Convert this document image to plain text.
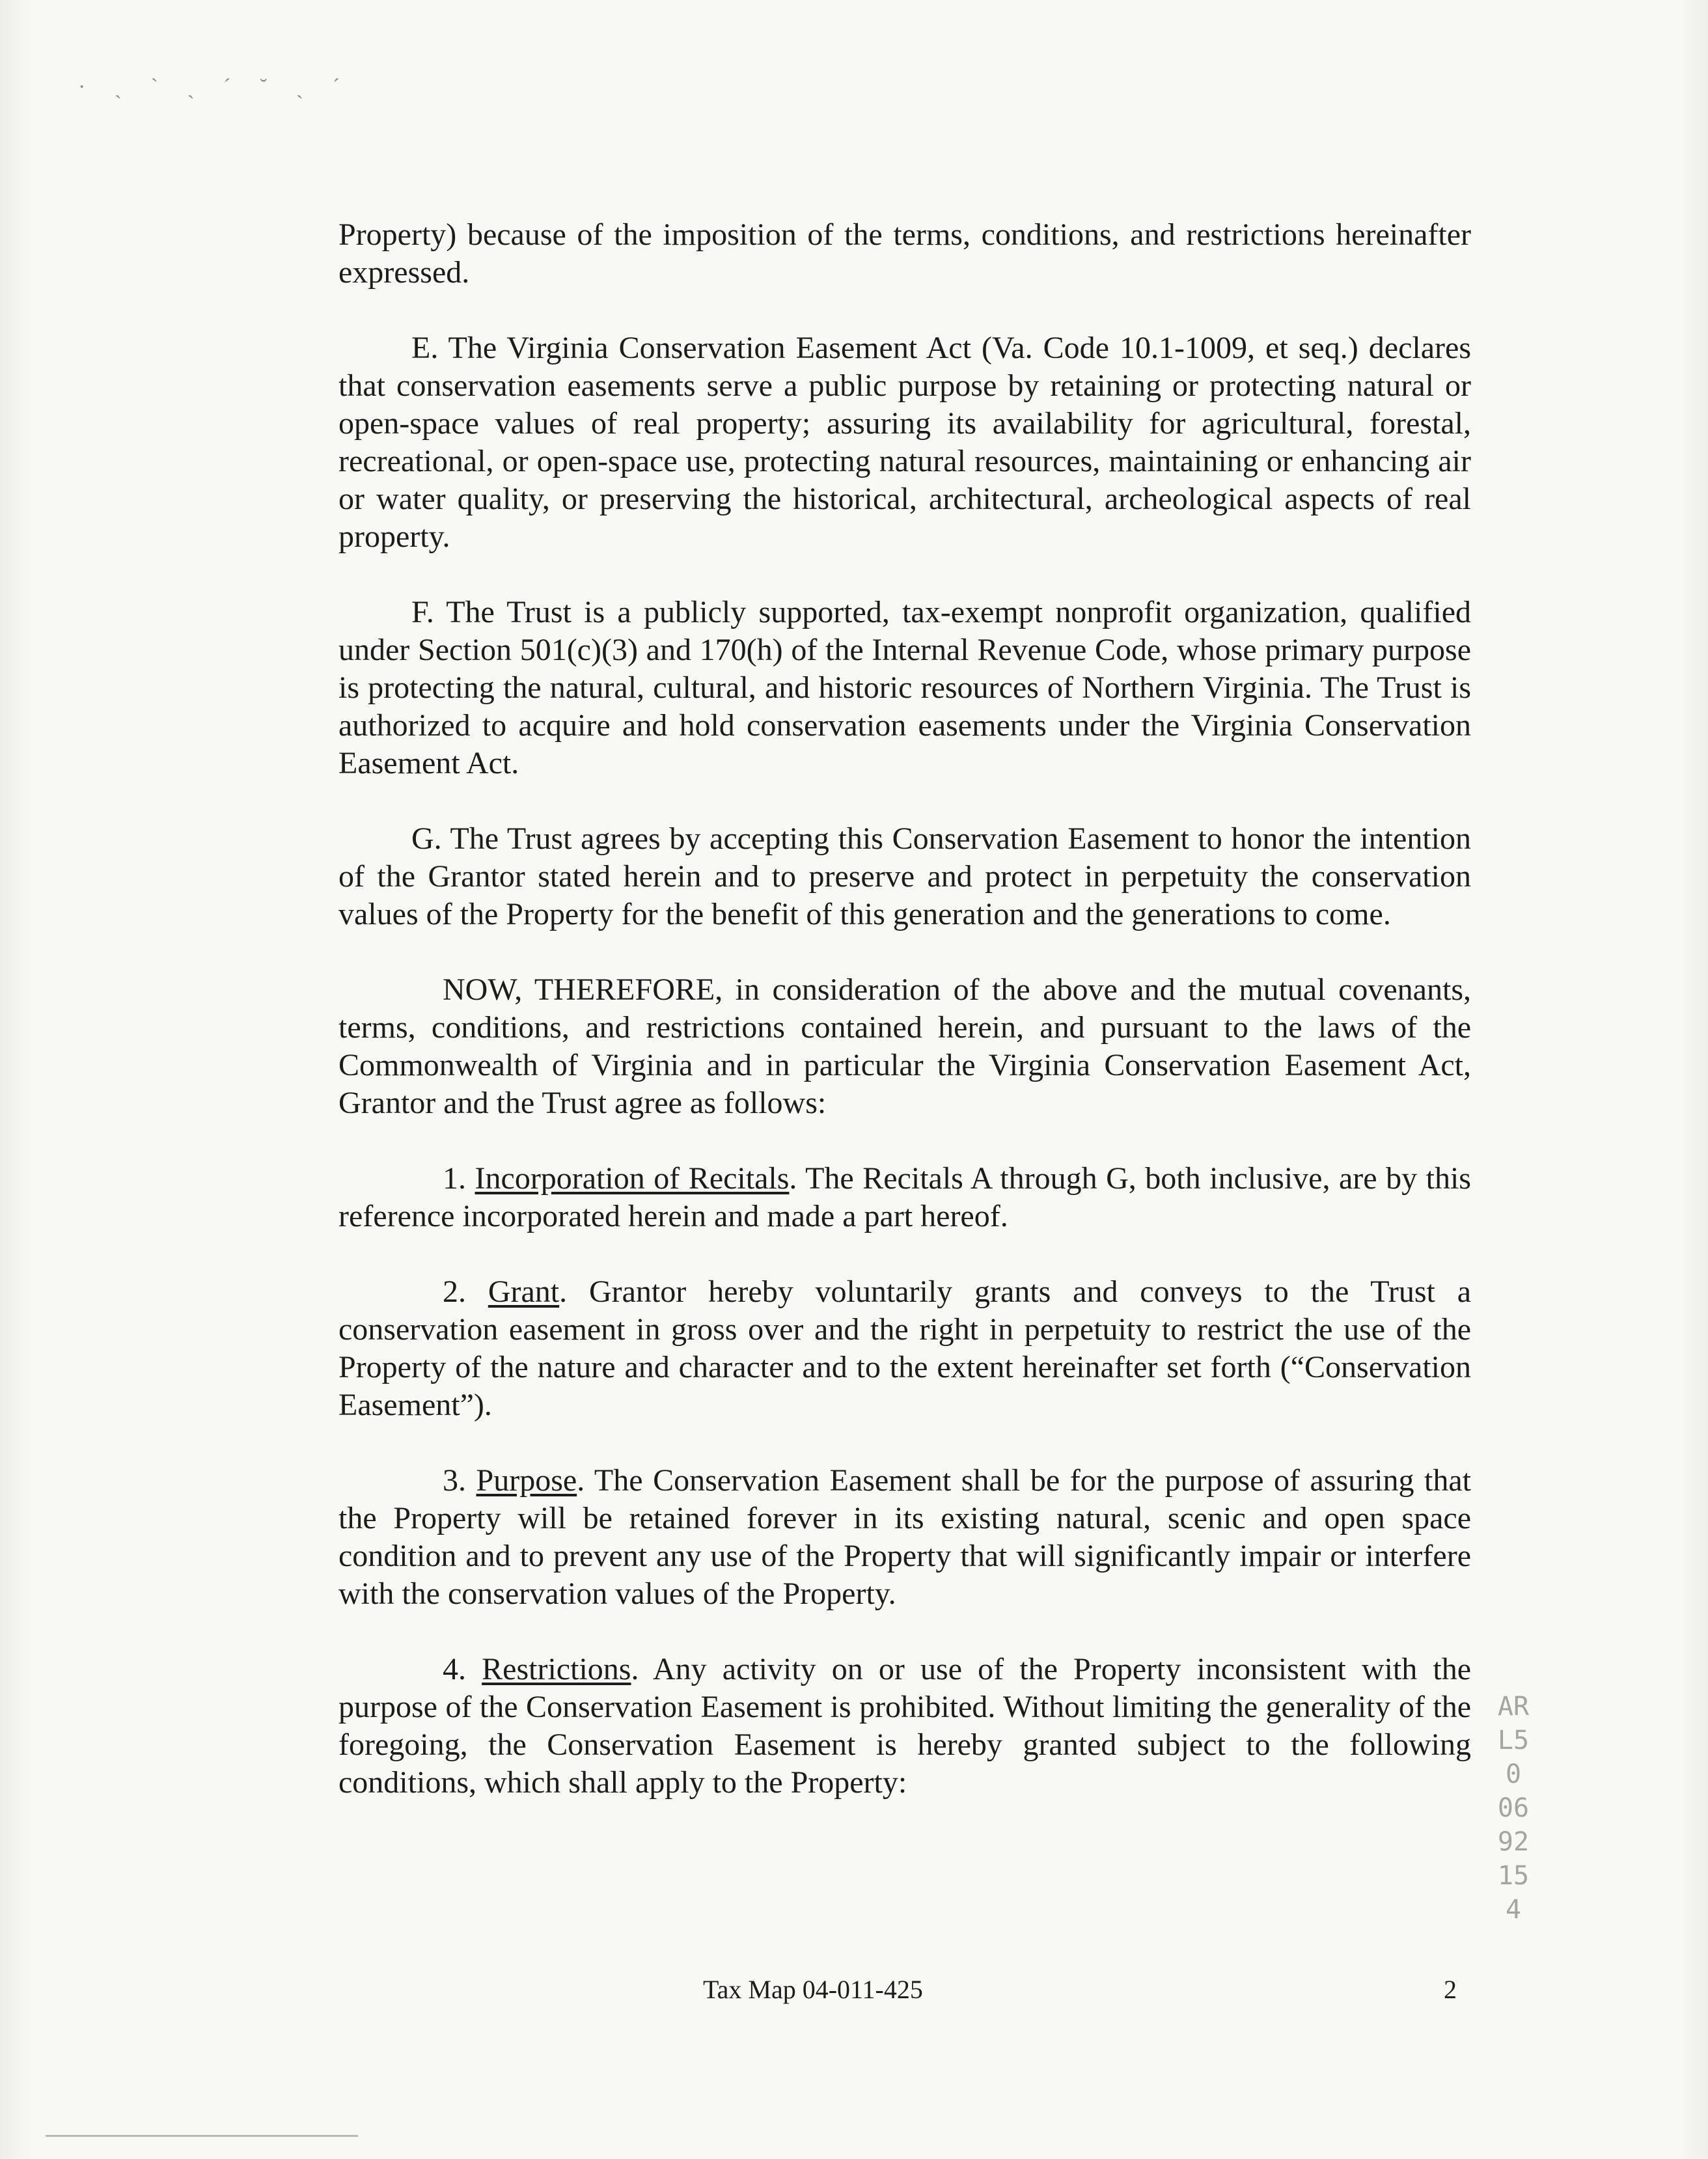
· ˏ ˋ ˏ ˊ ˘ ˏ ˊ

Property) because of the imposition of the terms, conditions, and restrictions hereinafter expressed.

E. The Virginia Conservation Easement Act (Va. Code 10.1-1009, et seq.) declares that conservation easements serve a public purpose by retaining or protecting natural or open-space values of real property; assuring its availability for agricultural, forestal, recreational, or open-space use, protecting natural resources, maintaining or enhancing air or water quality, or preserving the historical, architectural, archeological aspects of real property.

F. The Trust is a publicly supported, tax-exempt nonprofit organization, qualified under Section 501(c)(3) and 170(h) of the Internal Revenue Code, whose primary purpose is protecting the natural, cultural, and historic resources of Northern Virginia. The Trust is authorized to acquire and hold conservation easements under the Virginia Conservation Easement Act.

G. The Trust agrees by accepting this Conservation Easement to honor the intention of the Grantor stated herein and to preserve and protect in perpetuity the conservation values of the Property for the benefit of this generation and the generations to come.

NOW, THEREFORE, in consideration of the above and the mutual covenants, terms, conditions, and restrictions contained herein, and pursuant to the laws of the Commonwealth of Virginia and in particular the Virginia Conservation Easement Act, Grantor and the Trust agree as follows:

1. Incorporation of Recitals. The Recitals A through G, both inclusive, are by this reference incorporated herein and made a part hereof.

2. Grant. Grantor hereby voluntarily grants and conveys to the Trust a conservation easement in gross over and the right in perpetuity to restrict the use of the Property of the nature and character and to the extent hereinafter set forth (“Conservation Easement”).

3. Purpose. The Conservation Easement shall be for the purpose of assuring that the Property will be retained forever in its existing natural, scenic and open space condition and to prevent any use of the Property that will significantly impair or interfere with the conservation values of the Property.

4. Restrictions. Any activity on or use of the Property inconsistent with the purpose of the Conservation Easement is prohibited. Without limiting the generality of the foregoing, the Conservation Easement is hereby granted subject to the following conditions, which shall apply to the Property:

ARL50 0692 154
Tax Map 04-011-425	2
